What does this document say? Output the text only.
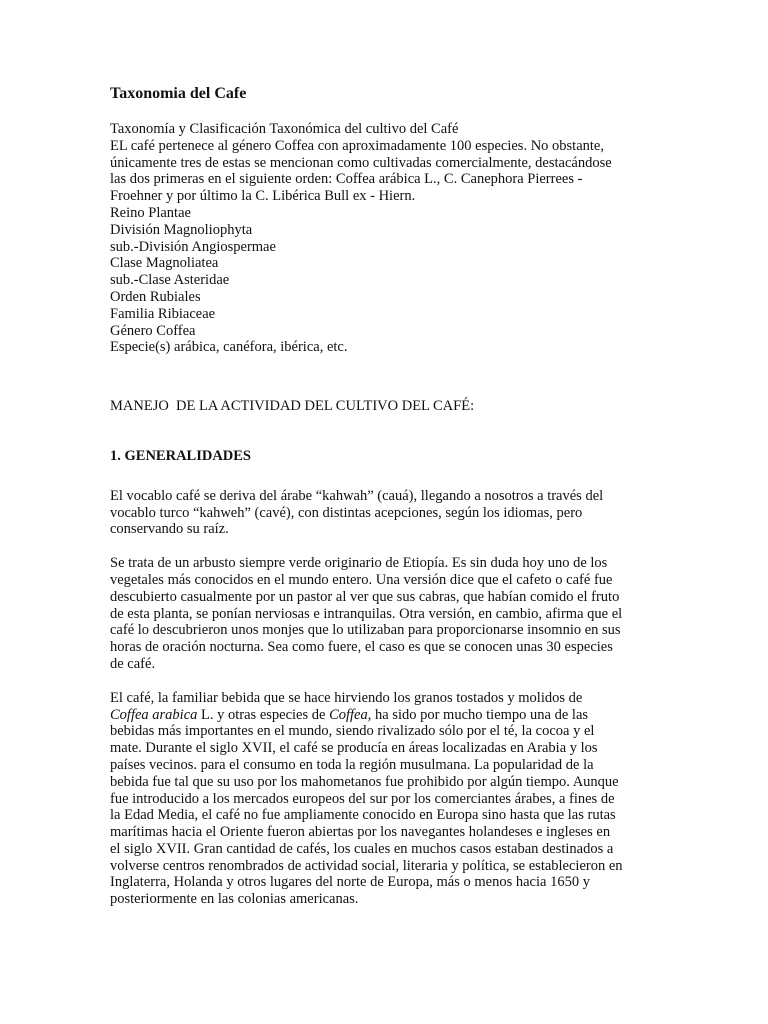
Taxonomia del Cafe
Taxonomía y Clasificación Taxonómica del cultivo del Café
EL café pertenece al género Coffea con aproximadamente 100 especies. No obstante,
únicamente tres de estas se mencionan como cultivadas comercialmente, destacándose
las dos primeras en el siguiente orden: Coffea arábica L., C. Canephora Pierrees -
Froehner y por último la C. Libérica Bull ex - Hiern.
Reino Plantae
División Magnoliophyta
sub.-División Angiospermae
Clase Magnoliatea
sub.-Clase Asteridae
Orden Rubiales
Familia Ribiaceae
Género Coffea
Especie(s) arábica, canéfora, ibérica, etc.
MANEJO  DE LA ACTIVIDAD DEL CULTIVO DEL CAFÉ:
1. GENERALIDADES
El vocablo café se deriva del árabe “kahwah” (cauá), llegando a nosotros a través del
vocablo turco “kahweh” (cavé), con distintas acepciones, según los idiomas, pero
conservando su raíz.
Se trata de un arbusto siempre verde originario de Etiopía. Es sin duda hoy uno de los
vegetales más conocidos en el mundo entero. Una versión dice que el cafeto o café fue
descubierto casualmente por un pastor al ver que sus cabras, que habían comido el fruto
de esta planta, se ponían nerviosas e intranquilas. Otra versión, en cambio, afirma que el
café lo descubrieron unos monjes que lo utilizaban para proporcionarse insomnio en sus
horas de oración nocturna. Sea como fuere, el caso es que se conocen unas 30 especies
de café.
El café, la familiar bebida que se hace hirviendo los granos tostados y molidos de
Coffea arabica L. y otras especies de Coffea, ha sido por mucho tiempo una de las
bebidas más importantes en el mundo, siendo rivalizado sólo por el té, la cocoa y el
mate. Durante el siglo XVII, el café se producía en áreas localizadas en Arabia y los
países vecinos. para el consumo en toda la región musulmana. La popularidad de la
bebida fue tal que su uso por los mahometanos fue prohibido por algún tiempo. Aunque
fue introducido a los mercados europeos del sur por los comerciantes árabes, a fines de
la Edad Media, el café no fue ampliamente conocido en Europa sino hasta que las rutas
marítimas hacia el Oriente fueron abiertas por los navegantes holandeses e ingleses en
el siglo XVII. Gran cantidad de cafés, los cuales en muchos casos estaban destinados a
volverse centros renombrados de actividad social, literaria y política, se establecieron en
Inglaterra, Holanda y otros lugares del norte de Europa, más o menos hacia 1650 y
posteriormente en las colonias americanas.
